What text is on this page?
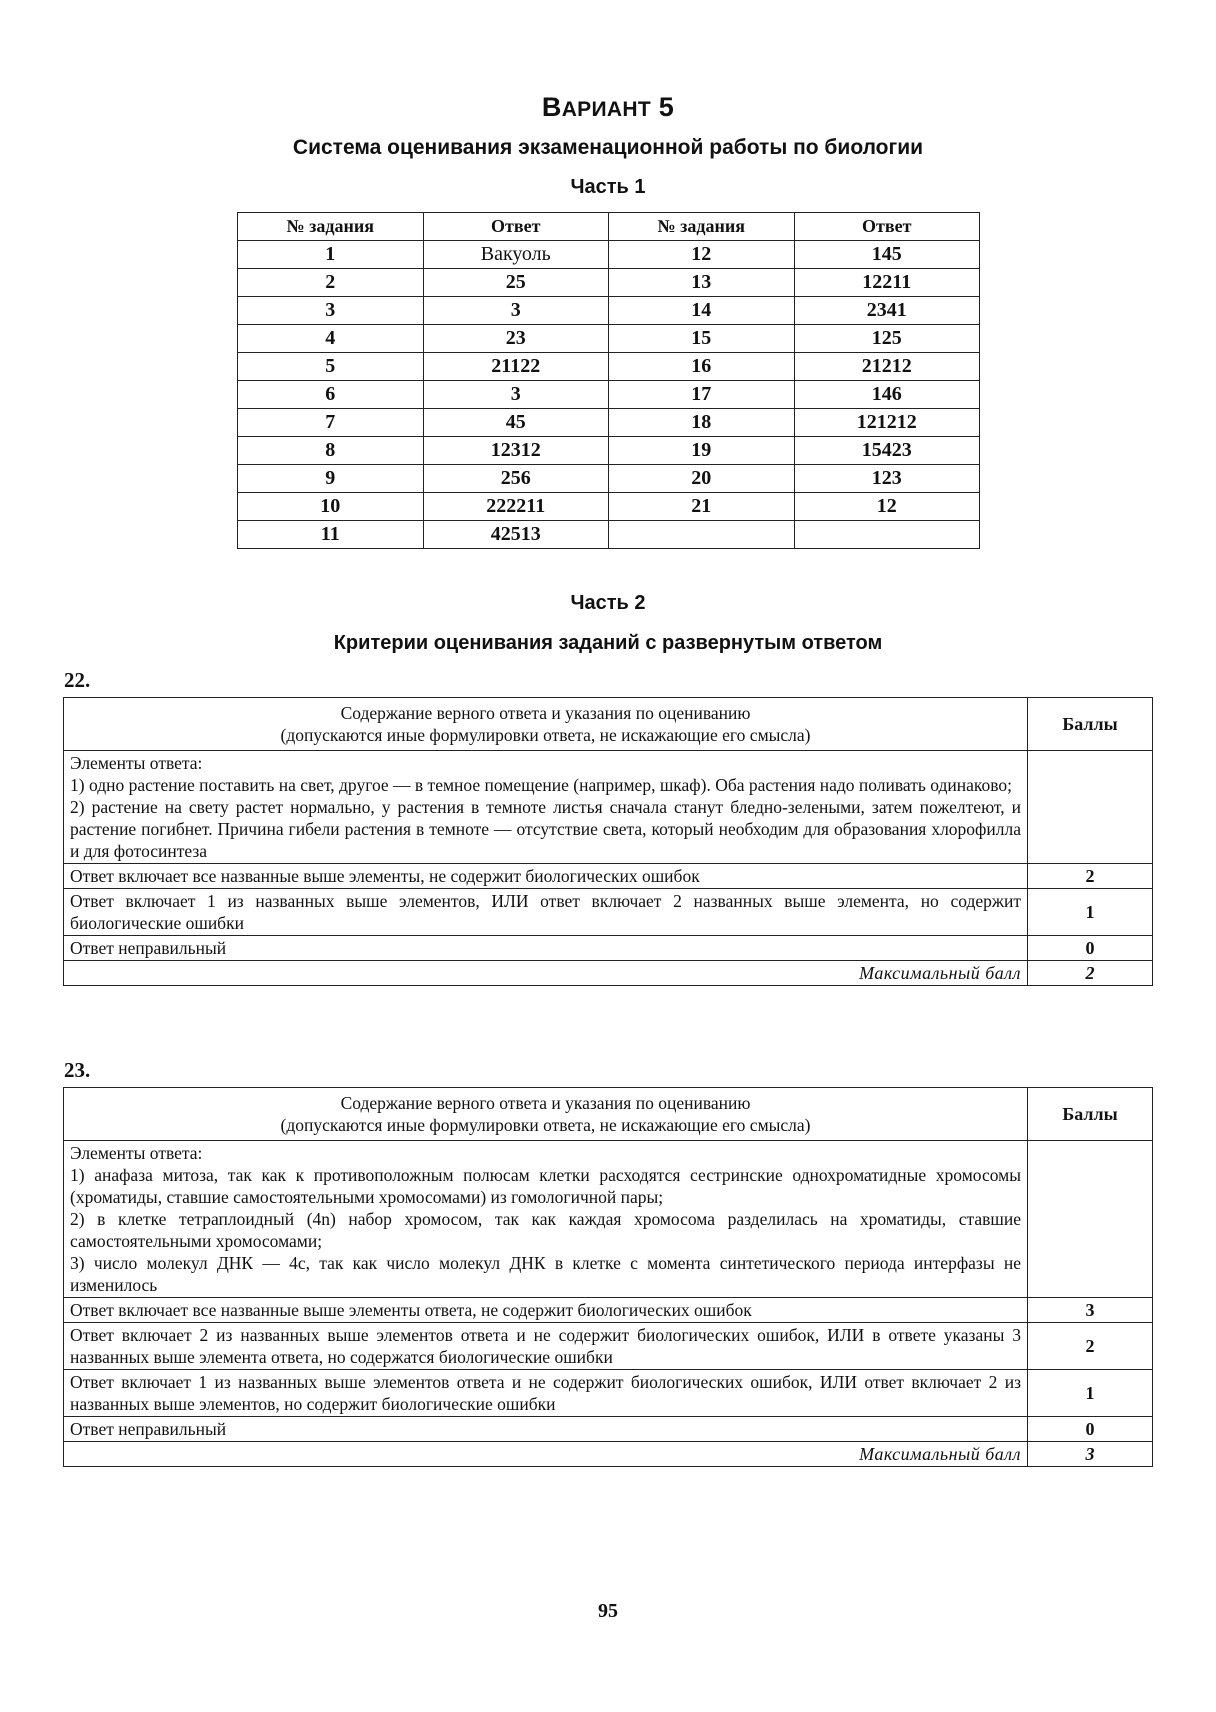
ВАРИАНТ 5
Система оценивания экзаменационной работы по биологии
Часть 1
№ задания	Ответ	№ задания	Ответ
1	Вакуоль	12	145
2	25	13	12211
3	3	14	2341
4	23	15	125
5	21122	16	21212
6	3	17	146
7	45	18	121212
8	12312	19	15423
9	256	20	123
10	222211	21	12
11	42513		
Часть 2
Критерии оценивания заданий с развернутым ответом
22.
Содержание верного ответа и указания по оцениванию
(допускаются иные формулировки ответа, не искажающие его смысла)	Баллы

Элементы ответа:
1) одно растение поставить на свет, другое — в темное помещение (например, шкаф). Оба растения надо поливать одинаково;
2) растение на свету растет нормально, у растения в темноте листья сначала станут бледно-зелеными, затем пожелтеют, и растение погибнет. Причина гибели растения в темноте — отсутствие света, который необходим для образования хлорофилла и для фотосинтеза	

Ответ включает все названные выше элементы, не содержит биологических ошибок	2
Ответ включает 1 из названных выше элементов, ИЛИ ответ включает 2 названных выше элемента, но содержит биологические ошибки	1
Ответ неправильный	0
Максимальный балл	2
23.
Содержание верного ответа и указания по оцениванию
(допускаются иные формулировки ответа, не искажающие его смысла)	Баллы

Элементы ответа:
1) анафаза митоза, так как к противоположным полюсам клетки расходятся сестринские однохроматидные хромосомы (хроматиды, ставшие самостоятельными хромосомами) из гомологичной пары;
2) в клетке тетраплоидный (4n) набор хромосом, так как каждая хромосома разделилась на хроматиды, ставшие самостоятельными хромосомами;
3) число молекул ДНК — 4c, так как число молекул ДНК в клетке с момента синтетического периода интерфазы не изменилось	

Ответ включает все названные выше элементы ответа, не содержит биологических ошибок	3
Ответ включает 2 из названных выше элементов ответа и не содержит биологических ошибок, ИЛИ в ответе указаны 3 названных выше элемента ответа, но содержатся биологические ошибки	2
Ответ включает 1 из названных выше элементов ответа и не содержит биологических ошибок, ИЛИ ответ включает 2 из названных выше элементов, но содержит биологические ошибки	1
Ответ неправильный	0
Максимальный балл	3
95
